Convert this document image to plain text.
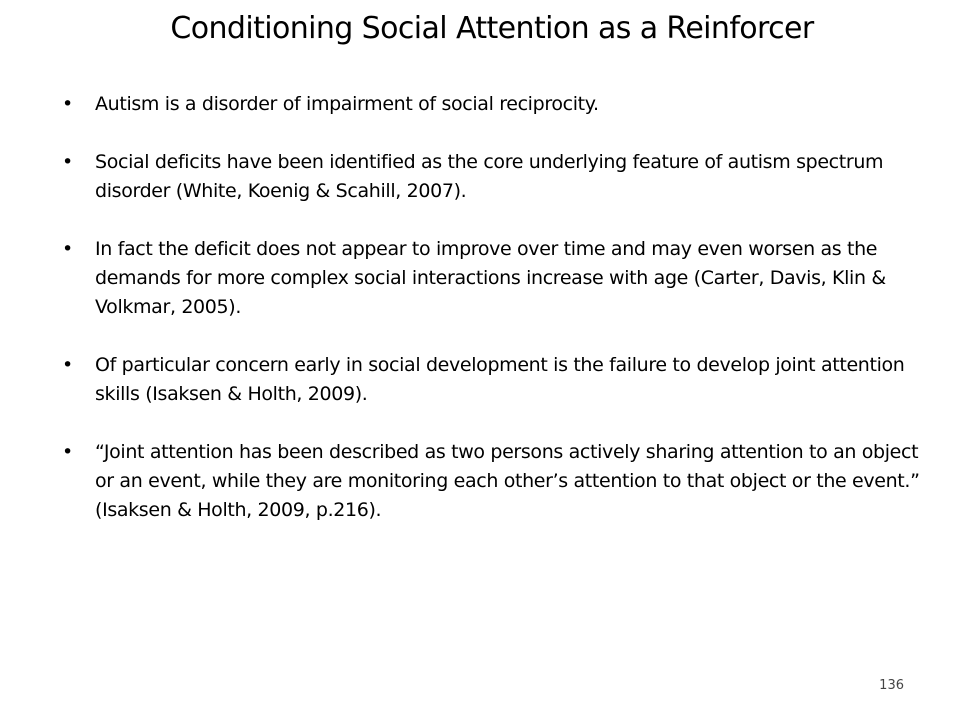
Conditioning Social Attention as a Reinforcer
• Autism is a disorder of impairment of social reciprocity.
• Social deficits have been identified as the core underlying feature of autism spectrum disorder (White, Koenig & Scahill, 2007).
• In fact the deficit does not appear to improve over time and may even worsen as the demands for more complex social interactions increase with age (Carter, Davis, Klin & Volkmar, 2005).
• Of particular concern early in social development is the failure to develop joint attention skills (Isaksen & Holth, 2009).
• “Joint attention has been described as two persons actively sharing attention to an object or an event, while they are monitoring each other’s attention to that object or the event.” (Isaksen & Holth, 2009, p.216).
136
